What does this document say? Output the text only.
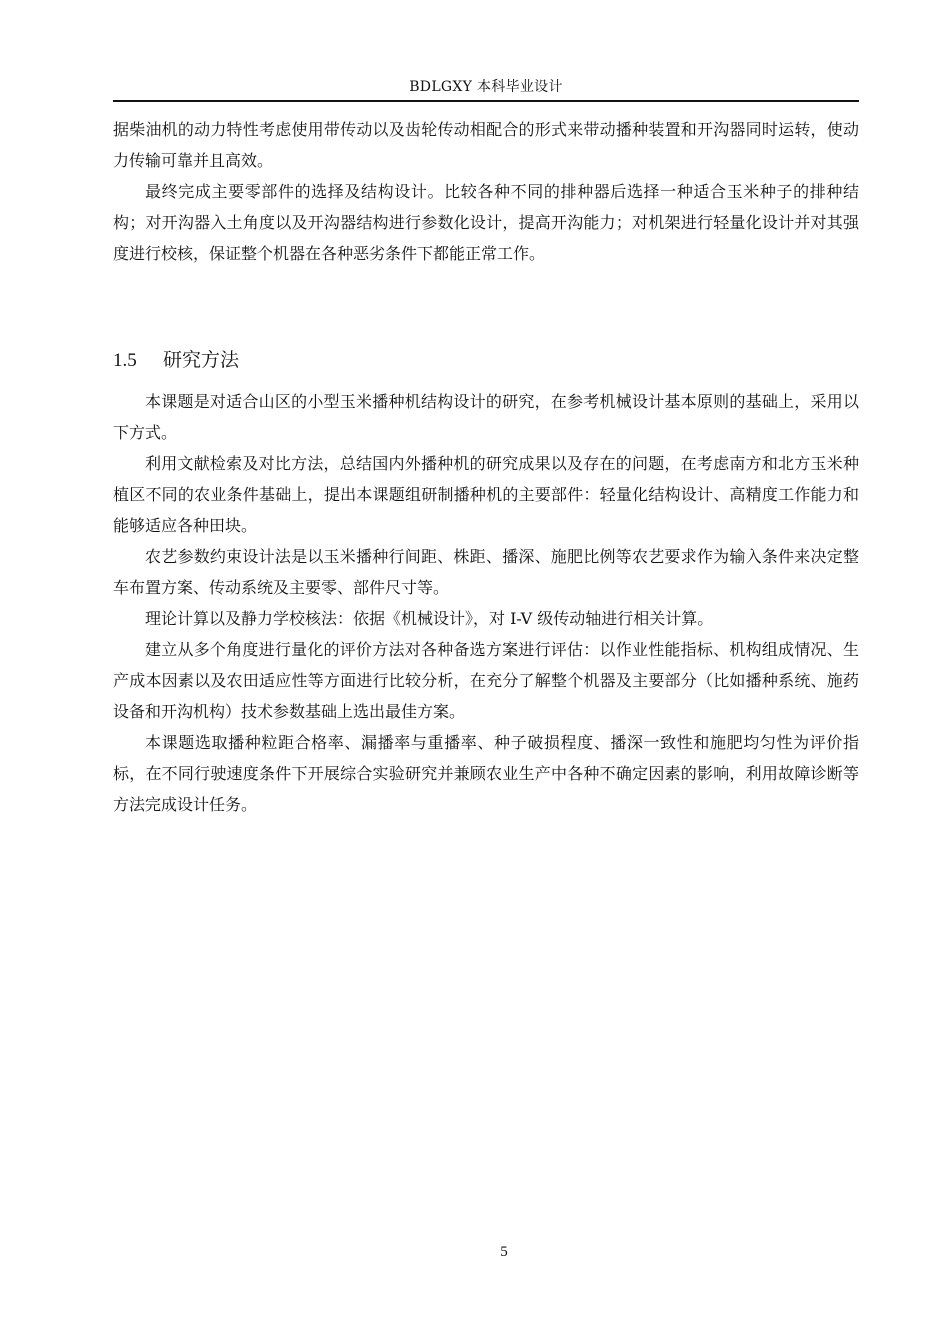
BDLGXY 本科毕业设计

据柴油机的动力特性考虑使用带传动以及齿轮传动相配合的形式来带动播种装置和开沟器同时运转，使动力传输可靠并且高效。

最终完成主要零部件的选择及结构设计。比较各种不同的排种器后选择一种适合玉米种子的排种结构；对开沟器入土角度以及开沟器结构进行参数化设计，提高开沟能力；对机架进行轻量化设计并对其强度进行校核，保证整个机器在各种恶劣条件下都能正常工作。

1.5 研究方法

本课题是对适合山区的小型玉米播种机结构设计的研究，在参考机械设计基本原则的基础上，采用以下方式。

利用文献检索及对比方法，总结国内外播种机的研究成果以及存在的问题，在考虑南方和北方玉米种植区不同的农业条件基础上，提出本课题组研制播种机的主要部件：轻量化结构设计、高精度工作能力和能够适应各种田块。

农艺参数约束设计法是以玉米播种行间距、株距、播深、施肥比例等农艺要求作为输入条件来决定整车布置方案、传动系统及主要零、部件尺寸等。

理论计算以及静力学校核法：依据《机械设计》，对 I-V 级传动轴进行相关计算。

建立从多个角度进行量化的评价方法对各种备选方案进行评估：以作业性能指标、机构组成情况、生产成本因素以及农田适应性等方面进行比较分析，在充分了解整个机器及主要部分（比如播种系统、施药设备和开沟机构）技术参数基础上选出最佳方案。

本课题选取播种粒距合格率、漏播率与重播率、种子破损程度、播深一致性和施肥均匀性为评价指标，在不同行驶速度条件下开展综合实验研究并兼顾农业生产中各种不确定因素的影响，利用故障诊断等方法完成设计任务。

5
